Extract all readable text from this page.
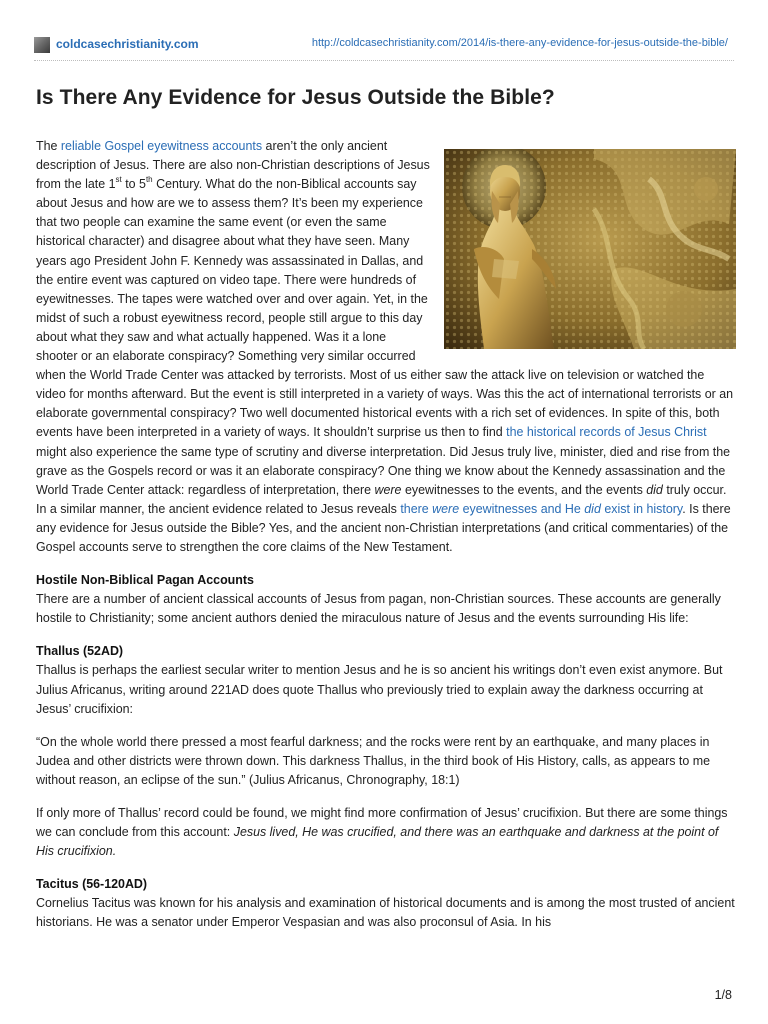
coldcasechristianity.com	http://coldcasechristianity.com/2014/is-there-any-evidence-for-jesus-outside-the-bible/
Is There Any Evidence for Jesus Outside the Bible?

The reliable Gospel eyewitness accounts aren’t the only ancient description of Jesus. There are also non-Christian descriptions of Jesus from the late 1st to 5th Century. What do the non-Biblical accounts say about Jesus and how are we to assess them? It’s been my experience that two people can examine the same event (or even the same historical character) and disagree about what they have seen. Many years ago President John F. Kennedy was assassinated in Dallas, and the entire event was captured on video tape. There were hundreds of eyewitnesses. The tapes were watched over and over again. Yet, in the midst of such a robust eyewitness record, people still argue to this day about what they saw and what actually happened. Was it a lone shooter or an elaborate conspiracy? Something very similar occurred when the World Trade Center was attacked by terrorists. Most of us either saw the attack live on television or watched the video for months afterward. But the event is still interpreted in a variety of ways. Was this the act of international terrorists or an elaborate governmental conspiracy? Two well documented historical events with a rich set of evidences. In spite of this, both events have been interpreted in a variety of ways. It shouldn’t surprise us then to find the historical records of Jesus Christ might also experience the same type of scrutiny and diverse interpretation. Did Jesus truly live, minister, died and rise from the grave as the Gospels record or was it an elaborate conspiracy? One thing we know about the Kennedy assassination and the World Trade Center attack: regardless of interpretation, there were eyewitnesses to the events, and the events did truly occur. In a similar manner, the ancient evidence related to Jesus reveals there were eyewitnesses and He did exist in history. Is there any evidence for Jesus outside the Bible? Yes, and the ancient non-Christian interpretations (and critical commentaries) of the Gospel accounts serve to strengthen the core claims of the New Testament.

Hostile Non-Biblical Pagan Accounts

There are a number of ancient classical accounts of Jesus from pagan, non-Christian sources. These accounts are generally hostile to Christianity; some ancient authors denied the miraculous nature of Jesus and the events surrounding His life:

Thallus (52AD)

Thallus is perhaps the earliest secular writer to mention Jesus and he is so ancient his writings don’t even exist anymore. But Julius Africanus, writing around 221AD does quote Thallus who previously tried to explain away the darkness occurring at Jesus’ crucifixion:

“On the whole world there pressed a most fearful darkness; and the rocks were rent by an earthquake, and many places in Judea and other districts were thrown down. This darkness Thallus, in the third book of His History, calls, as appears to me without reason, an eclipse of the sun.” (Julius Africanus, Chronography, 18:1)

If only more of Thallus’ record could be found, we might find more confirmation of Jesus’ crucifixion. But there are some things we can conclude from this account: Jesus lived, He was crucified, and there was an earthquake and darkness at the point of His crucifixion.

Tacitus (56-120AD)

Cornelius Tacitus was known for his analysis and examination of historical documents and is among the most trusted of ancient historians. He was a senator under Emperor Vespasian and was also proconsul of Asia. In his

1/8
